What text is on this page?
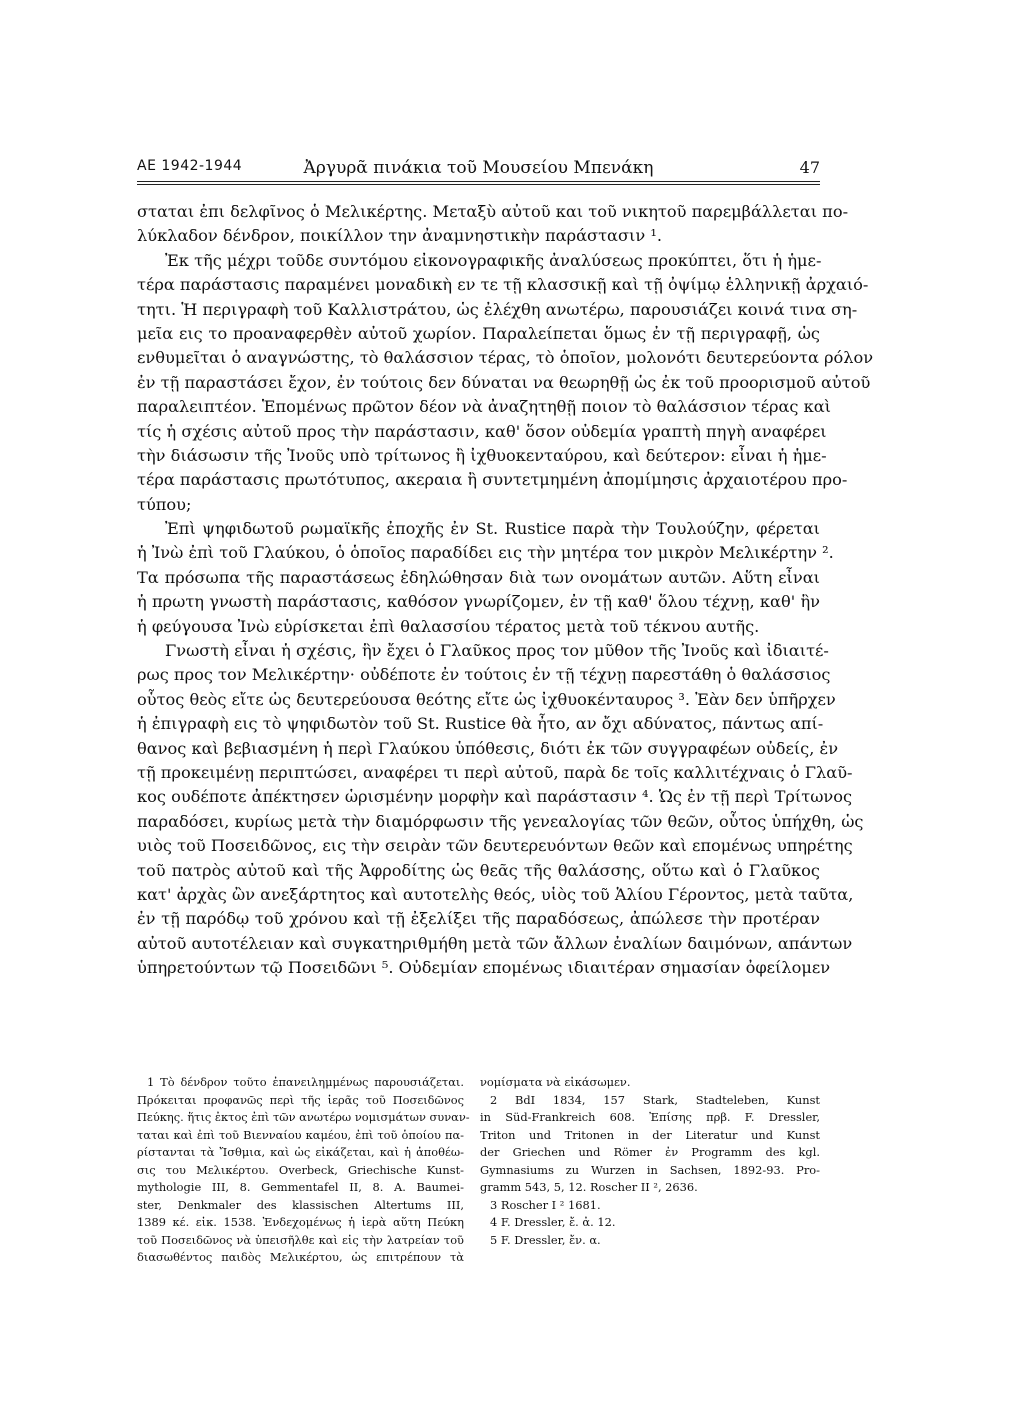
ΑΕ 1942-1944	Ἀργυρᾶ πινάκια τοῦ Μουσείου Μπενάκη	47
σταται ἐπι δελφῖνος ὁ Μελικέρτης. Μεταξὺ αὐτοῦ και τοῦ νικητοῦ παρεμβάλλεται πο-
λύκλαδον δένδρον, ποικίλλον την ἀναμνηστικὴν παράστασιν ¹.
Ἐκ τῆς μέχρι τοῦδε συντόμου εἰκονογραφικῆς ἀναλύσεως προκύπτει, ὅτι ἡ ἡμε-
τέρα παράστασις παραμένει μοναδικὴ εν τε τῇ κλασσικῇ καὶ τῇ ὀψίμῳ ἑλληνικῇ ἀρχαιό-
τητι. Ἡ περιγραφὴ τοῦ Καλλιστράτου, ὡς ἐλέχθη ανωτέρω, παρουσιάζει κοινά τινα ση-
μεῖα εις το προαναφερθὲν αὐτοῦ χωρίον. Παραλείπεται ὅμως ἐν τῇ περιγραφῇ, ὡς
ενθυμεῖται ὁ αναγνώστης, τὸ θαλάσσιον τέρας, τὸ ὁποῖον, μολονότι δευτερεύοντα ρόλον
ἐν τῇ παραστάσει ἔχον, ἐν τούτοις δεν δύναται να θεωρηθῇ ὡς ἐκ τοῦ προορισμοῦ αὐτοῦ
παραλειπτέον. Ἑπομένως πρῶτον δέον νὰ ἀναζητηθῇ ποιον τὸ θαλάσσιον τέρας καὶ
τίς ἡ σχέσις αὐτοῦ προς τὴν παράστασιν, καθ' ὅσον οὐδεμία γραπτὴ πηγὴ αναφέρει
τὴν διάσωσιν τῆς Ἰνοῦς υπὸ τρίτωνος ἢ ἰχθυοκενταύρου, καὶ δεύτερον: εἶναι ἡ ἡμε-
τέρα παράστασις πρωτότυπος, ακεραια ἢ συντετμημένη ἀπομίμησις ἀρχαιοτέρου προ-
τύπου;
Ἐπὶ ψηφιδωτοῦ ρωμαϊκῆς ἐποχῆς ἐν St. Rustice παρὰ τὴν Τουλούζην, φέρεται
ἡ Ἰνὼ ἐπὶ τοῦ Γλαύκου, ὁ ὁποῖος παραδίδει εις τὴν μητέρα τον μικρὸν Μελικέρτην ².
Τα πρόσωπα τῆς παραστάσεως ἐδηλώθησαν διὰ των ονομάτων αυτῶν. Αὕτη εἶναι
ἡ πρωτη γνωστὴ παράστασις, καθόσον γνωρίζομεν, ἐν τῇ καθ' ὅλου τέχνῃ, καθ' ἣν
ἡ φεύγουσα Ἰνὼ εὑρίσκεται ἐπὶ θαλασσίου τέρατος μετὰ τοῦ τέκνου αυτῆς.
Γνωστὴ εἶναι ἡ σχέσις, ἣν ἔχει ὁ Γλαῦκος προς τον μῦθον τῆς Ἰνοῦς καὶ ἰδιαιτέ-
ρως προς τον Μελικέρτην· οὐδέποτε ἐν τούτοις ἐν τῇ τέχνῃ παρεστάθη ὁ θαλάσσιος
οὗτος θεὸς εἴτε ὡς δευτερεύουσα θεότης εἴτε ὡς ἰχθυοκένταυρος ³. Ἐὰν δεν ὑπῆρχεν
ἡ ἐπιγραφὴ εις τὸ ψηφιδωτὸν τοῦ St. Rustice θὰ ἦτο, αν ὄχι αδύνατος, πάντως απί-
θανος καὶ βεβιασμένη ἡ περὶ Γλαύκου ὑπόθεσις, διότι ἐκ τῶν συγγραφέων οὐδείς, ἐν
τῇ προκειμένῃ περιπτώσει, αναφέρει τι περὶ αὐτοῦ, παρὰ δε τοῖς καλλιτέχναις ὁ Γλαῦ-
κος ουδέποτε ἀπέκτησεν ὡρισμένην μορφὴν καὶ παράστασιν ⁴. Ὡς ἐν τῇ περὶ Τρίτωνος
παραδόσει, κυρίως μετὰ τὴν διαμόρφωσιν τῆς γενεαλογίας τῶν θεῶν, οὗτος ὑπήχθη, ὡς
υιὸς τοῦ Ποσειδῶνος, εις τὴν σειρὰν τῶν δευτερευόντων θεῶν καὶ επομένως υπηρέτης
τοῦ πατρὸς αὐτοῦ καὶ τῆς Ἀφροδίτης ὡς θεᾶς τῆς θαλάσσης, οὕτω καὶ ὁ Γλαῦκος
κατ' ἀρχὰς ὢν ανεξάρτητος καὶ αυτοτελὴς θεός, υἱὸς τοῦ Ἁλίου Γέροντος, μετὰ ταῦτα,
ἐν τῇ παρόδῳ τοῦ χρόνου καὶ τῇ ἐξελίξει τῆς παραδόσεως, ἀπώλεσε τὴν προτέραν
αὐτοῦ αυτοτέλειαν καὶ συγκατηριθμήθη μετὰ τῶν ἄλλων ἐναλίων δαιμόνων, απάντων
ὑπηρετούντων τῷ Ποσειδῶνι ⁵. Οὐδεμίαν επομένως ιδιαιτέραν σημασίαν ὀφείλομεν
1 Τὸ δένδρον τοῦτο ἐπανειλημμένως παρουσιάζεται.
Πρόκειται προφανῶς περὶ τῆς ἱερᾶς τοῦ Ποσειδῶνος
Πεύκης. ἥτις ἐκτος ἐπὶ τῶν ανωτέρω νομισμάτων συναν-
ταται καὶ ἐπὶ τοῦ Βιενναίου καμέου, ἐπὶ τοῦ ὁποίου πα-
ρίστανται τὰ Ἴσθμια, καὶ ὡς εἰκάζεται, καὶ ἡ ἀποθέω-
σις του Μελικέρτου. Overbeck, Griechische Kunst-
mythologie III, 8. Gemmentafel II, 8. A. Baumei-
ster, Denkmaler des klassischen Altertums III,
1389 κέ. εἰκ. 1538. Ἐνδεχομένως ἡ ἱερὰ αὕτη Πεύκη
τοῦ Ποσειδῶνος νὰ ὑπεισῆλθε καὶ εἰς τὴν λατρείαν τοῦ
διασωθέντος παιδὸς Μελικέρτου, ὡς επιτρέπουν τὰ
νομίσματα νὰ εἰκάσωμεν.
2 BdI 1834, 157 Stark, Stadteleben, Kunst
in Süd-Frankreich 608. Ἐπίσης πρβ. F. Dressler,
Triton und Tritonen in der Literatur und Kunst
der Griechen und Römer ἐν Programm des kgl.
Gymnasiums zu Wurzen in Sachsen, 1892-93. Pro-
gramm 543, 5, 12. Roscher II ², 2636.
3 Roscher I ² 1681.
4 F. Dressler, ἔ. ἀ. 12.
5 F. Dressler, ἔν. α.
